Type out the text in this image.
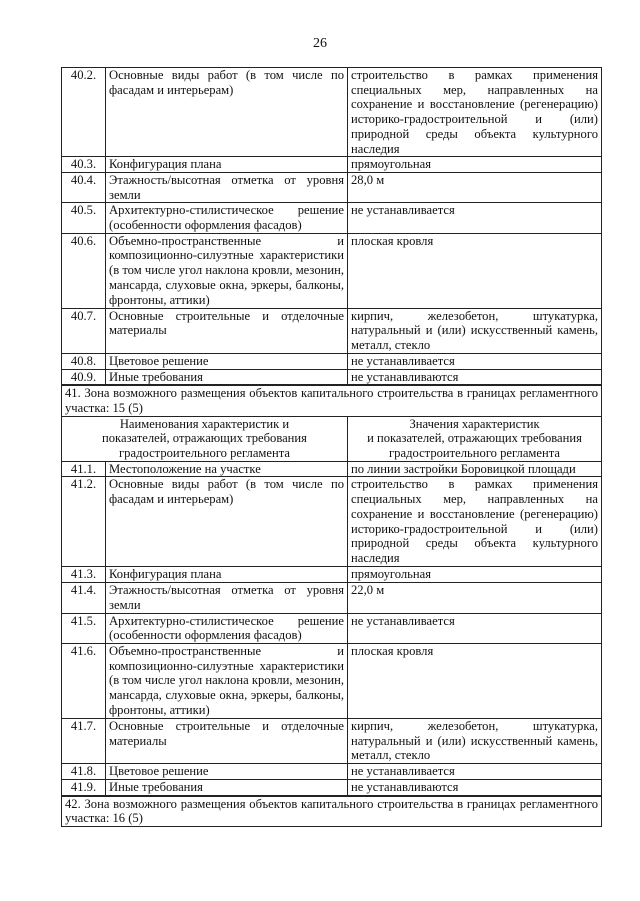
26
40.2.	Основные виды работ (в том числе по фасадам и интерьерам)	строительство в рамках применения специальных мер, направленных на сохранение и восстановление (регенерацию) историко-градостроительной и (или) природной среды объекта культурного наследия
40.3.	Конфигурация плана	прямоугольная
40.4.	Этажность/высотная отметка от уровня земли	28,0 м
40.5.	Архитектурно-стилистическое решение (особенности оформления фасадов)	не устанавливается
40.6.	Объемно-пространственные и композиционно-силуэтные характеристики (в том числе угол наклона кровли, мезонин, мансарда, слуховые окна, эркеры, балконы, фронтоны, аттики)	плоская кровля
40.7.	Основные строительные и отделочные материалы	кирпич, железобетон, штукатурка, натуральный и (или) искусственный камень, металл, стекло
40.8.	Цветовое решение	не устанавливается
40.9.	Иные требования	не устанавливаются
41. Зона возможного размещения объектов капитального строительства в границах регламентного участка: 15 (5)		

Наименования характеристик и
показателей, отражающих требования
градостроительного регламента		Значения характеристик
и показателей, отражающих требования
градостроительного регламента

41.1.	Местоположение на участке	по линии застройки Боровицкой площади
41.2.	Основные виды работ (в том числе по фасадам и интерьерам)	строительство в рамках применения специальных мер, направленных на сохранение и восстановление (регенерацию) историко-градостроительной и (или) природной среды объекта культурного наследия
41.3.	Конфигурация плана	прямоугольная
41.4.	Этажность/высотная отметка от уровня земли	22,0 м
41.5.	Архитектурно-стилистическое решение (особенности оформления фасадов)	не устанавливается
41.6.	Объемно-пространственные и композиционно-силуэтные характеристики (в том числе угол наклона кровли, мезонин, мансарда, слуховые окна, эркеры, балконы, фронтоны, аттики)	плоская кровля
41.7.	Основные строительные и отделочные материалы	кирпич, железобетон, штукатурка, натуральный и (или) искусственный камень, металл, стекло
41.8.	Цветовое решение	не устанавливается
41.9.	Иные требования	не устанавливаются
42. Зона возможного размещения объектов капитального строительства в границах регламентного участка: 16 (5)		
